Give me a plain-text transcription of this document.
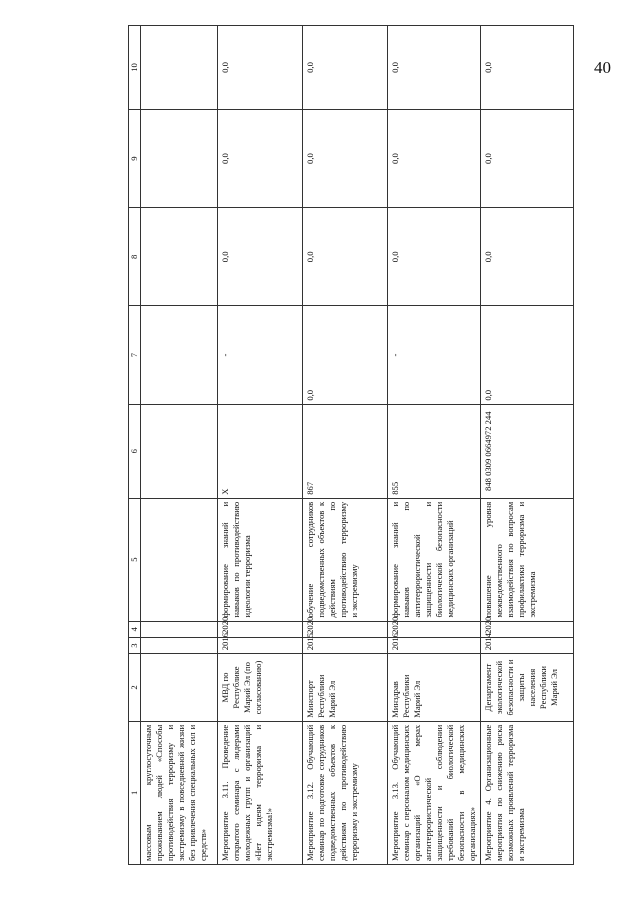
40
1	2	3	4	5	6	7	8	9	10
массовым круглосуточным проживанием людей «Способы противодействия терроризму и экстремизму в повседневной жизни без привлечения специальных сил и средств»									
Мероприятие 3.11. Проведение открытого семинара с лидерами молодежных групп и организаций «Нет идеям терроризма и экстремизма!»	МВД по Республике Марий Эл (по согласованию)	2016	2020	формирование знаний и навыков по противодействию идеологии терроризма	Х	-	0,0	0,0	0,0
Мероприятие 3.12. Обучающий семинар по подготовке сотрудников подведомственных объектов к действиям по противодействию терроризму и экстремизму	Минспорт Республики Марий Эл	2015	2020	обучение сотрудников подведомственных объектов к действиям по противодействию терроризму и экстремизму	867	0,0	0,0	0,0	0,0
Мероприятие 3.13. Обучающий семинар с персоналом медицинских организаций «О мерах антитеррористической защищенности и соблюдении требований биологической безопасности в медицинских организациях»	Минздрав Республики Марий Эл	2016	2020	формирование знаний и навыков по антитеррористической защищенности и биологической безопасности медицинских организаций	855	-	0,0	0,0	0,0
Мероприятие 4. Организационные мероприятия по снижению риска возможных проявлений терроризма и экстремизма	Департамент экологической безопасности и защиты населения Республики Марий Эл	2014	2020	повышение уровня межведомственного взаимодействия по вопросам профилактики терроризма и экстремизма	848 0309 0664972 244	0,0	0,0	0,0	0,0
